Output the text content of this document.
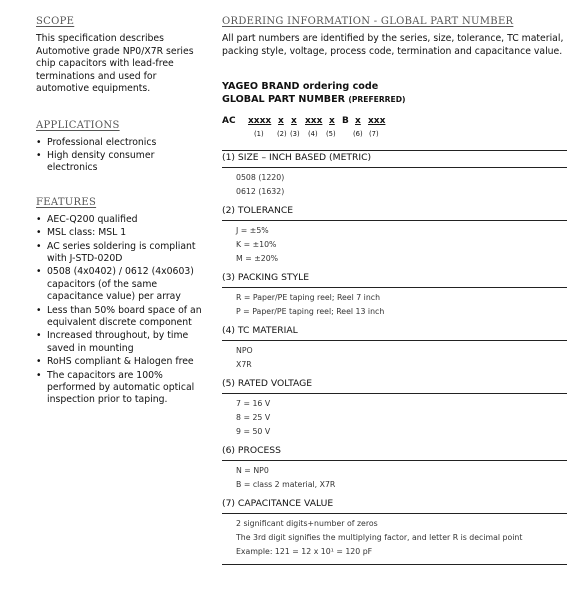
SCOPE

This specification describes Automotive grade NP0/X7R series chip capacitors with lead-free terminations and used for automotive equipments.

APPLICATIONS

• Professional electronics
• High density consumer electronics

FEATURES

• AEC-Q200 qualified
• MSL class: MSL 1
• AC series soldering is compliant with J-STD-020D
• 0508 (4x0402) / 0612 (4x0603) capacitors (of the same capacitance value) per array
• Less than 50% board space of an equivalent discrete component
• Increased throughout, by time saved in mounting
• RoHS compliant & Halogen free
• The capacitors are 100% performed by automatic optical inspection prior to taping.

ORDERING INFORMATION - GLOBAL PART NUMBER

All part numbers are identified by the series, size, tolerance, TC material, packing style, voltage, process code, termination and capacitance value.

YAGEO BRAND ordering code

GLOBAL PART NUMBER (PREFERRED)

AC xxxx x x xxx x B x xxx
(1) (2) (3) (4) (5)	(6) (7)

(1) SIZE – INCH BASED (METRIC)

0508 (1220)
0612 (1632)

(2) TOLERANCE

J = ±5%
K = ±10%
M = ±20%

(3) PACKING STYLE

R = Paper/PE taping reel; Reel 7 inch
P = Paper/PE taping reel; Reel 13 inch

(4) TC MATERIAL

NPO
X7R

(5) RATED VOLTAGE

7 = 16 V
8 = 25 V
9 = 50 V

(6) PROCESS

N = NP0
B = class 2 material, X7R

(7) CAPACITANCE VALUE

2 significant digits+number of zeros
The 3rd digit signifies the multiplying factor, and letter R is decimal point
Example: 121 = 12 x 10¹ = 120 pF
